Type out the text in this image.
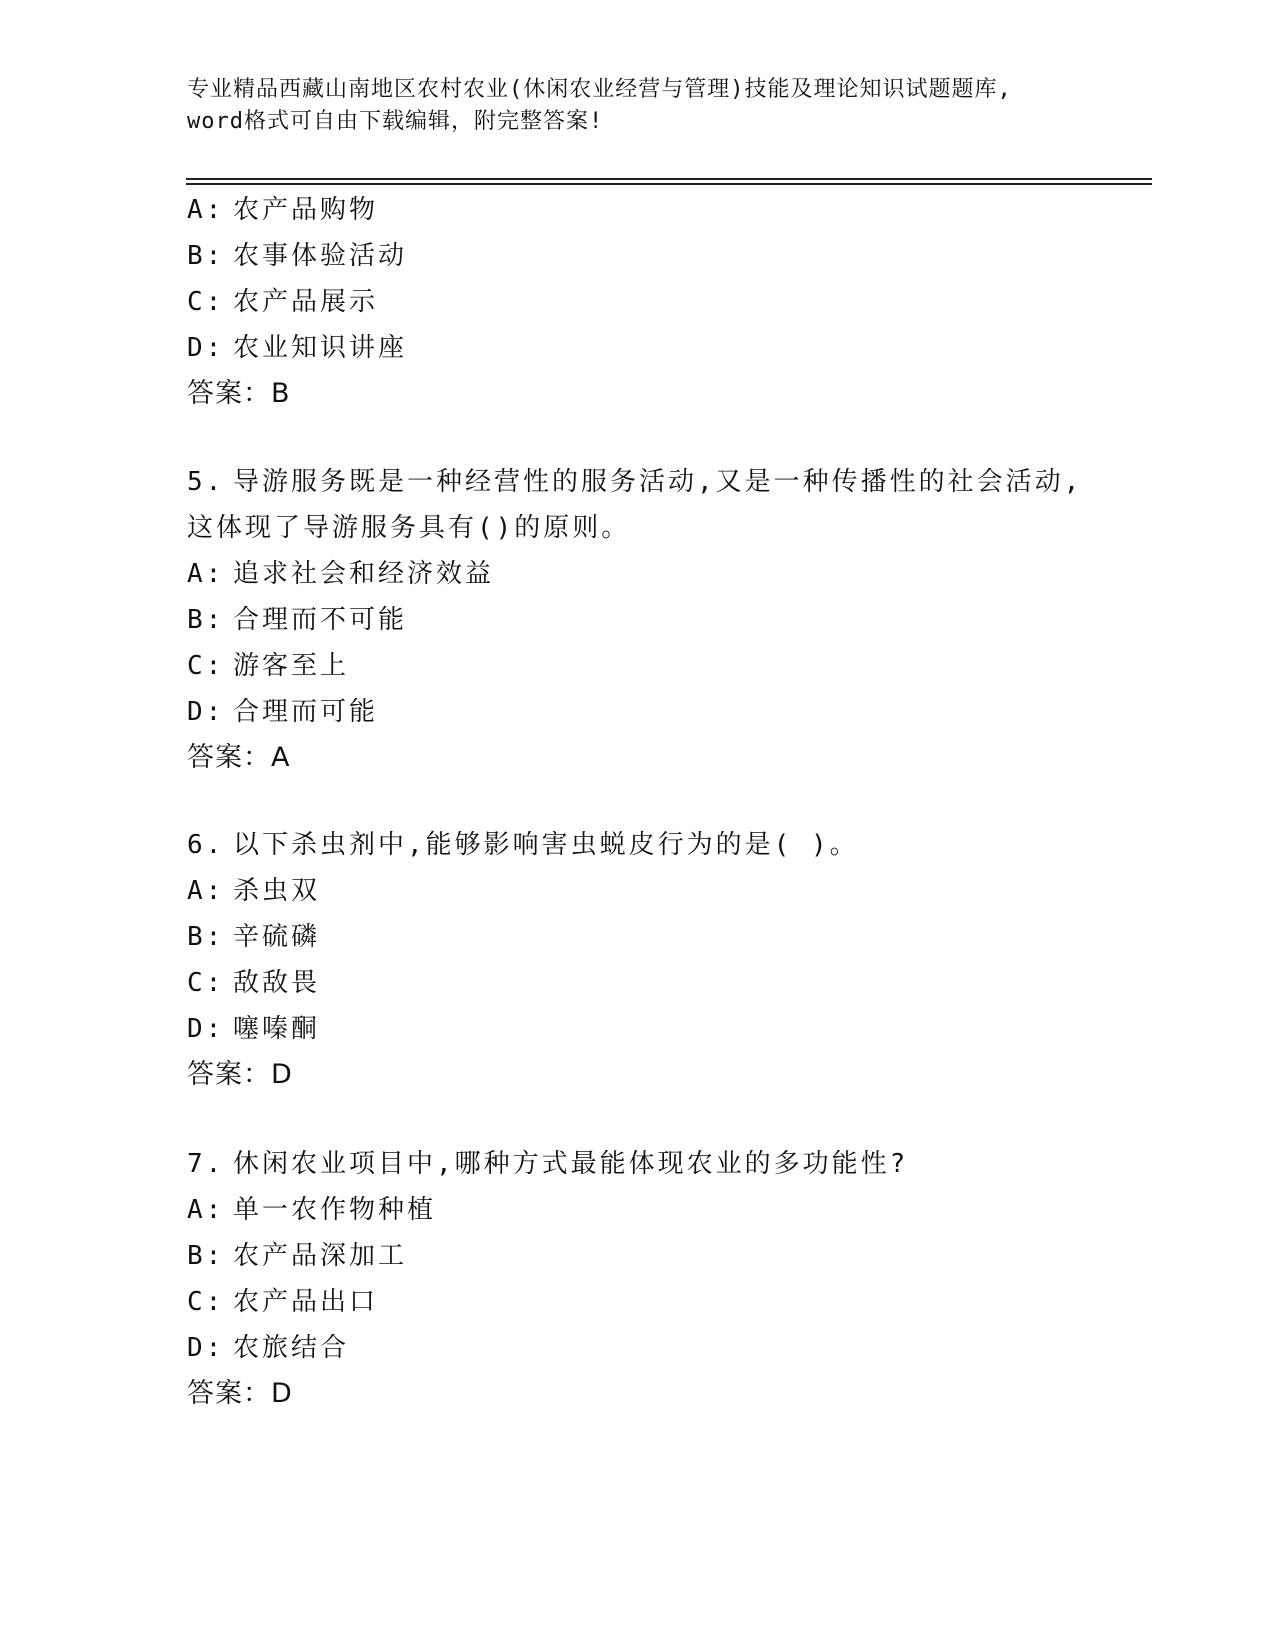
专业精品西藏山南地区农村农业(休闲农业经营与管理)技能及理论知识试题题库,
word格式可自由下载编辑，附完整答案!
A: 农产品购物
B: 农事体验活动
C: 农产品展示
D: 农业知识讲座
答案：B
5. 导游服务既是一种经营性的服务活动,又是一种传播性的社会活动,
这体现了导游服务具有()的原则。
A: 追求社会和经济效益
B: 合理而不可能
C: 游客至上
D: 合理而可能
答案：A
6. 以下杀虫剂中,能够影响害虫蜕皮行为的是( )。
A: 杀虫双
B: 辛硫磷
C: 敌敌畏
D: 噻嗪酮
答案：D
7. 休闲农业项目中,哪种方式最能体现农业的多功能性?
A: 单一农作物种植
B: 农产品深加工
C: 农产品出口
D: 农旅结合
答案：D
